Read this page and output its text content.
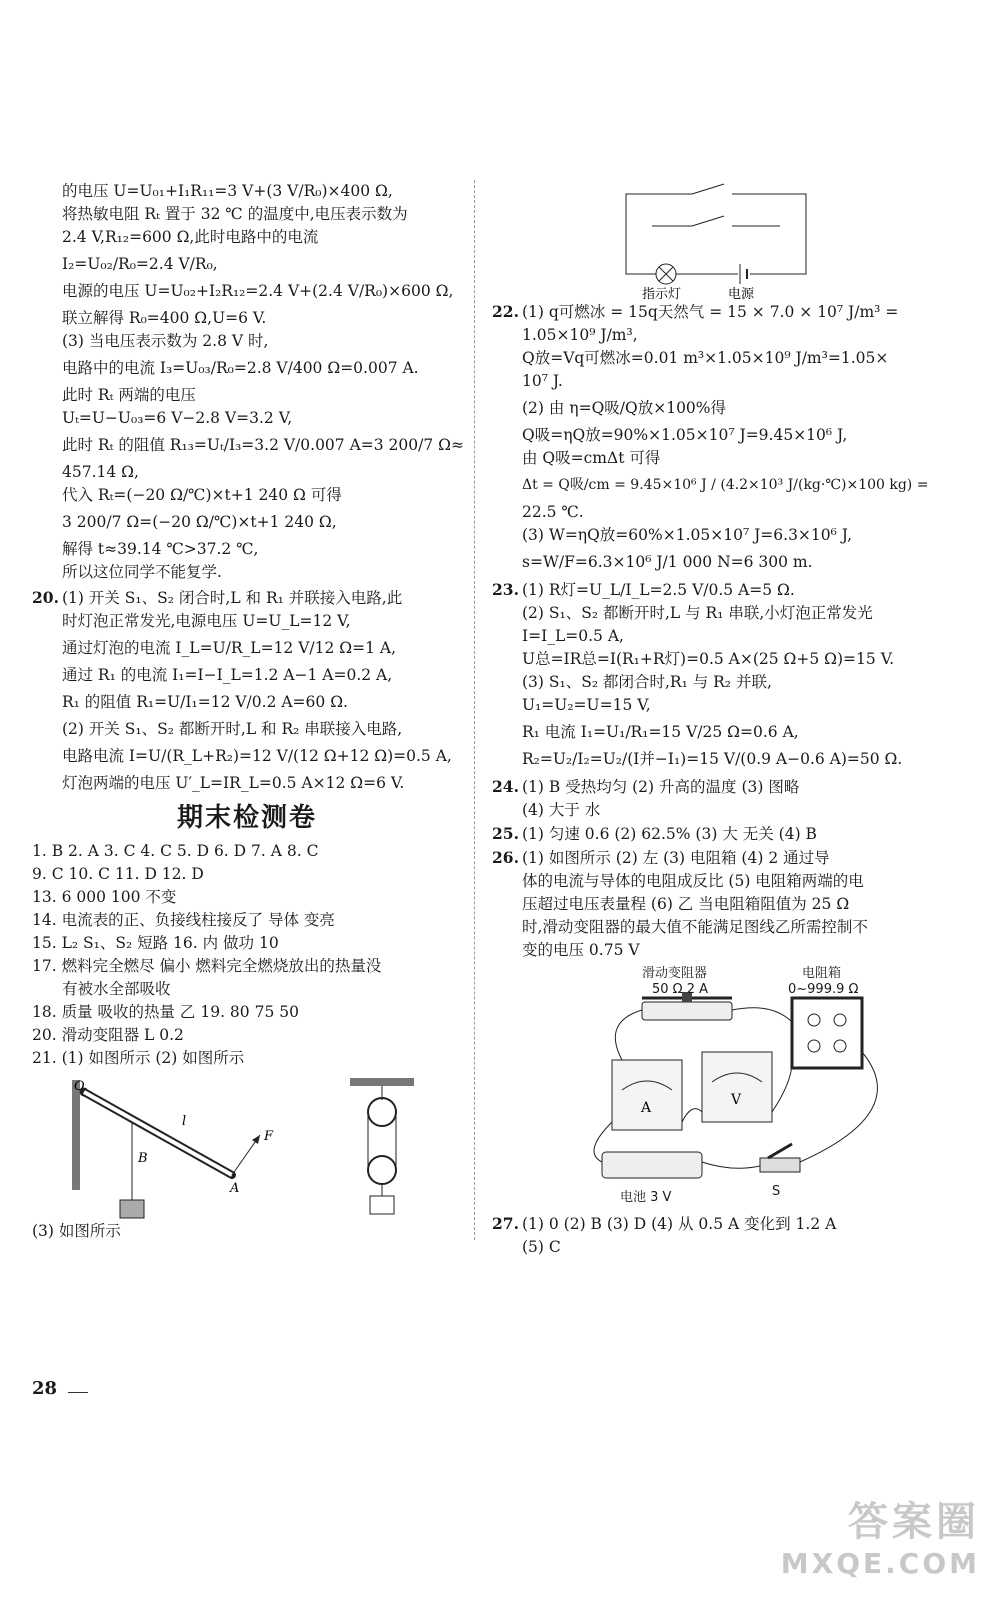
的电压 U=U₀₁+I₁R₁₁=3 V+(3 V/R₀)×400 Ω,
将热敏电阻 Rₜ 置于 32 ℃ 的温度中,电压表示数为
2.4 V,R₁₂=600 Ω,此时电路中的电流
I₂=U₀₂/R₀=2.4 V/R₀,
电源的电压 U=U₀₂+I₂R₁₂=2.4 V+(2.4 V/R₀)×600 Ω,
联立解得 R₀=400 Ω,U=6 V.
(3) 当电压表示数为 2.8 V 时,
电路中的电流 I₃=U₀₃/R₀=2.8 V/400 Ω=0.007 A.
此时 Rₜ 两端的电压
Uₜ=U−U₀₃=6 V−2.8 V=3.2 V,
此时 Rₜ 的阻值 R₁₃=Uₜ/I₃=3.2 V/0.007 A=3 200/7 Ω≈
457.14 Ω,
代入 Rₜ=(−20 Ω/℃)×t+1 240 Ω 可得
3 200/7 Ω=(−20 Ω/℃)×t+1 240 Ω,
解得 t≈39.14 ℃>37.2 ℃,
所以这位同学不能复学.
20. (1) 开关 S₁、S₂ 闭合时,L 和 R₁ 并联接入电路,此
时灯泡正常发光,电源电压 U=U_L=12 V,
通过灯泡的电流 I_L=U/R_L=12 V/12 Ω=1 A,
通过 R₁ 的电流 I₁=I−I_L=1.2 A−1 A=0.2 A,
R₁ 的阻值 R₁=U/I₁=12 V/0.2 A=60 Ω.
(2) 开关 S₁、S₂ 都断开时,L 和 R₂ 串联接入电路,
电路电流 I=U/(R_L+R₂)=12 V/(12 Ω+12 Ω)=0.5 A,
灯泡两端的电压 U′_L=IR_L=0.5 A×12 Ω=6 V.
期末检测卷
1. B 2. A 3. C 4. C 5. D 6. D 7. A 8. C
9. C 10. C 11. D 12. D
13. 6 000 100 不变
14. 电流表的正、负接线柱接反了 导体 变亮
15. L₂ S₁、S₂ 短路 16. 内 做功 10
17. 燃料完全燃尽 偏小 燃料完全燃烧放出的热量没
有被水全部吸收
18. 质量 吸收的热量 乙 19. 80 75 50
20. 滑动变阻器 L 0.2
21. (1) 如图所示 (2) 如图所示
O
l
F
B
A
(3) 如图所示
指示灯	电源
22. (1) q可燃冰 = 15q天然气 = 15 × 7.0 × 10⁷ J/m³ =
1.05×10⁹ J/m³,
Q放=Vq可燃冰=0.01 m³×1.05×10⁹ J/m³=1.05×
10⁷ J.
(2) 由 η=Q吸/Q放×100%得
Q吸=ηQ放=90%×1.05×10⁷ J=9.45×10⁶ J,
由 Q吸=cmΔt 可得
Δt = Q吸/cm = 9.45×10⁶ J / (4.2×10³ J/(kg·℃)×100 kg) =
22.5 ℃.
(3) W=ηQ放=60%×1.05×10⁷ J=6.3×10⁶ J,
s=W/F=6.3×10⁶ J/1 000 N=6 300 m.
23. (1) R灯=U_L/I_L=2.5 V/0.5 A=5 Ω.
(2) S₁、S₂ 都断开时,L 与 R₁ 串联,小灯泡正常发光
I=I_L=0.5 A,
U总=IR总=I(R₁+R灯)=0.5 A×(25 Ω+5 Ω)=15 V.
(3) S₁、S₂ 都闭合时,R₁ 与 R₂ 并联,
U₁=U₂=U=15 V,
R₁ 电流 I₁=U₁/R₁=15 V/25 Ω=0.6 A,
R₂=U₂/I₂=U₂/(I并−I₁)=15 V/(0.9 A−0.6 A)=50 Ω.
24. (1) B 受热均匀 (2) 升高的温度 (3) 图略
(4) 大于 水
25. (1) 匀速 0.6 (2) 62.5% (3) 大 无关 (4) B
26. (1) 如图所示 (2) 左 (3) 电阻箱 (4) 2 通过导
体的电流与导体的电阻成反比 (5) 电阻箱两端的电
压超过电压表量程 (6) 乙 当电阻箱阻值为 25 Ω
时,滑动变阻器的最大值不能满足图线乙所需控制不
变的电压 0.75 V
A	V
滑动变阻器
50 Ω 2 A
电阻箱
0~999.9 Ω
电池 3 V	S
27. (1) 0 (2) B (3) D (4) 从 0.5 A 变化到 1.2 A
(5) C
28
答案圈
MXQE.COM
